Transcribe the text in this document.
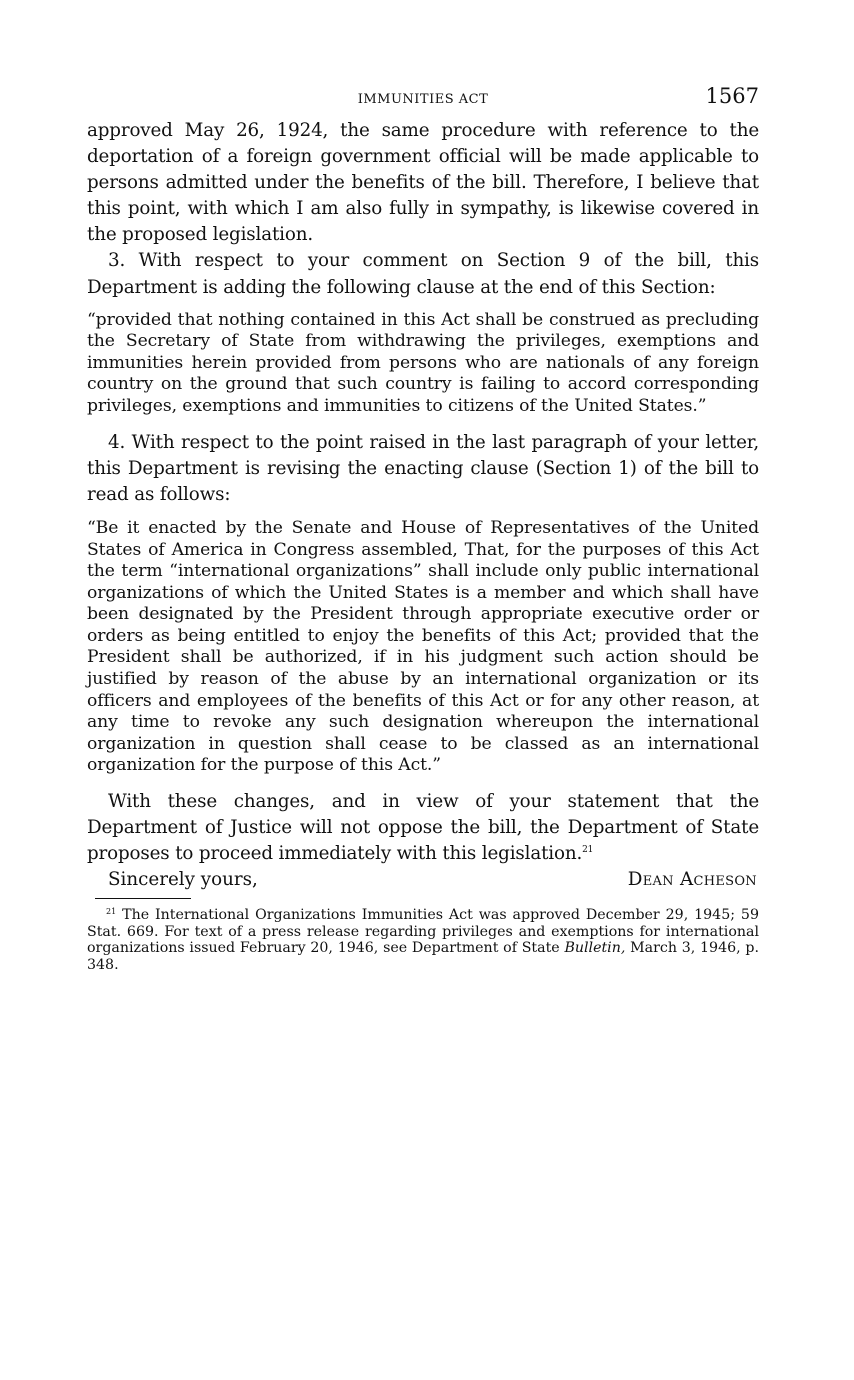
IMMUNITIES ACT	1567

approved May 26, 1924, the same procedure with reference to the deportation of a foreign government official will be made applicable to persons admitted under the benefits of the bill. Therefore, I believe that this point, with which I am also fully in sympathy, is likewise covered in the proposed legislation.

3. With respect to your comment on Section 9 of the bill, this Department is adding the following clause at the end of this Section:

“provided that nothing contained in this Act shall be construed as precluding the Secretary of State from withdrawing the privileges, exemptions and immunities herein provided from persons who are nationals of any foreign country on the ground that such country is failing to accord corresponding privileges, exemptions and immunities to citizens of the United States.”

4. With respect to the point raised in the last paragraph of your letter, this Department is revising the enacting clause (Section 1) of the bill to read as follows:

“Be it enacted by the Senate and House of Representatives of the United States of America in Congress assembled, That, for the purposes of this Act the term “international organizations” shall include only public international organizations of which the United States is a member and which shall have been designated by the President through appropriate executive order or orders as being entitled to enjoy the benefits of this Act; provided that the President shall be authorized, if in his judgment such action should be justified by reason of the abuse by an international organization or its officers and employees of the benefits of this Act or for any other reason, at any time to revoke any such designation whereupon the international organization in question shall cease to be classed as an international organization for the purpose of this Act.”

With these changes, and in view of your statement that the Department of Justice will not oppose the bill, the Department of State proposes to proceed immediately with this legislation.$^{21}$

Sincerely yours,	Dean Acheson

$^{21}$ The International Organizations Immunities Act was approved December 29, 1945; 59 Stat. 669. For text of a press release regarding privileges and exemptions for international organizations issued February 20, 1946, see Department of State Bulletin, March 3, 1946, p. 348.
